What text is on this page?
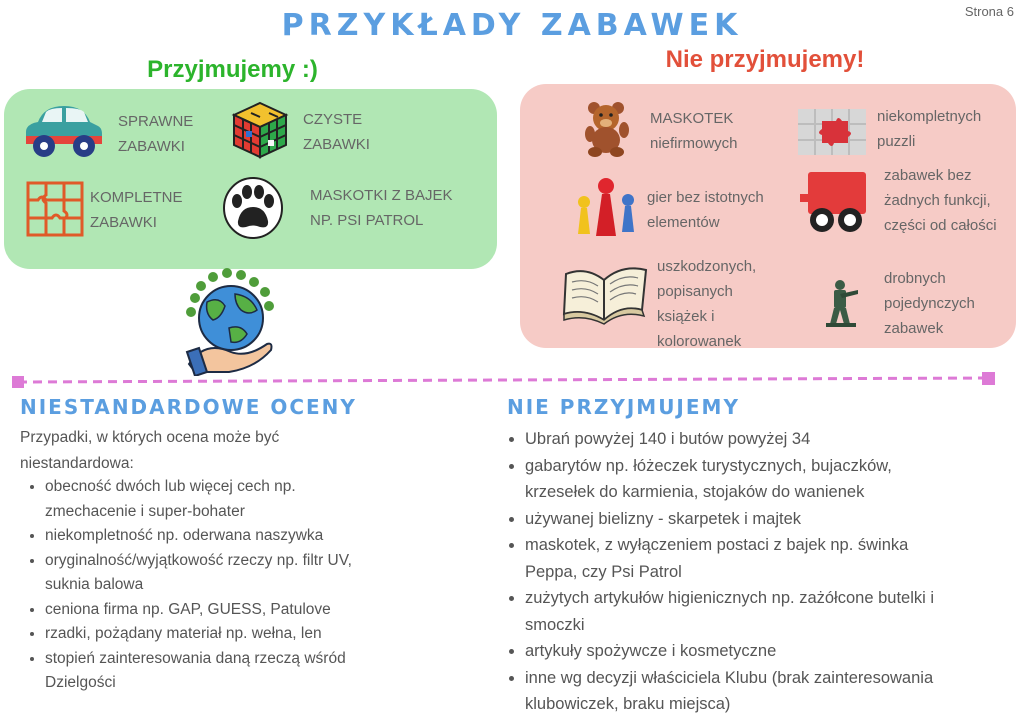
PRZYKŁADY ZABAWEK	Strona 6
Przyjmujemy :)
SPRAWNE
ZABAWKI
CZYSTE
ZABAWKI
KOMPLETNE
ZABAWKI
MASKOTKI Z BAJEK
NP. PSI PATROL
Nie przyjmujemy!
MASKOTEK
niefirmowych
niekompletnych
puzzli
gier bez istotnych
elementów
zabawek bez
żadnych funkcji,
części od całości
uszkodzonych,
popisanych
książek i
kolorowanek
drobnych
pojedynczych
zabawek
NIESTANDARDOWE OCENY
Przypadki, w których ocena może być
niestandardowa:
• obecność dwóch lub więcej cech np.
zmechacenie i super-bohater
• niekompletność np. oderwana naszywka
• oryginalność/wyjątkowość rzeczy np. filtr UV,
suknia balowa
• ceniona firma np. GAP, GUESS, Patulove
• rzadki, pożądany materiał np. wełna, len
• stopień zainteresowania daną rzeczą wśród
Dzielgości
NIE PRZYJMUJEMY
• Ubrań powyżej 140 i butów powyżej 34
• gabarytów np. łóżeczek turystycznych, bujaczków,
krzesełek do karmienia, stojaków do wanienek
• używanej bielizny - skarpetek i majtek
• maskotek, z wyłączeniem postaci z bajek np. świnka
Peppa, czy Psi Patrol
• zużytych artykułów higienicznych np. zażółcone butelki i
smoczki
• artykuły spożywcze i kosmetyczne
• inne wg decyzji właściciela Klubu (brak zainteresowania
klubowiczek, braku miejsca)
